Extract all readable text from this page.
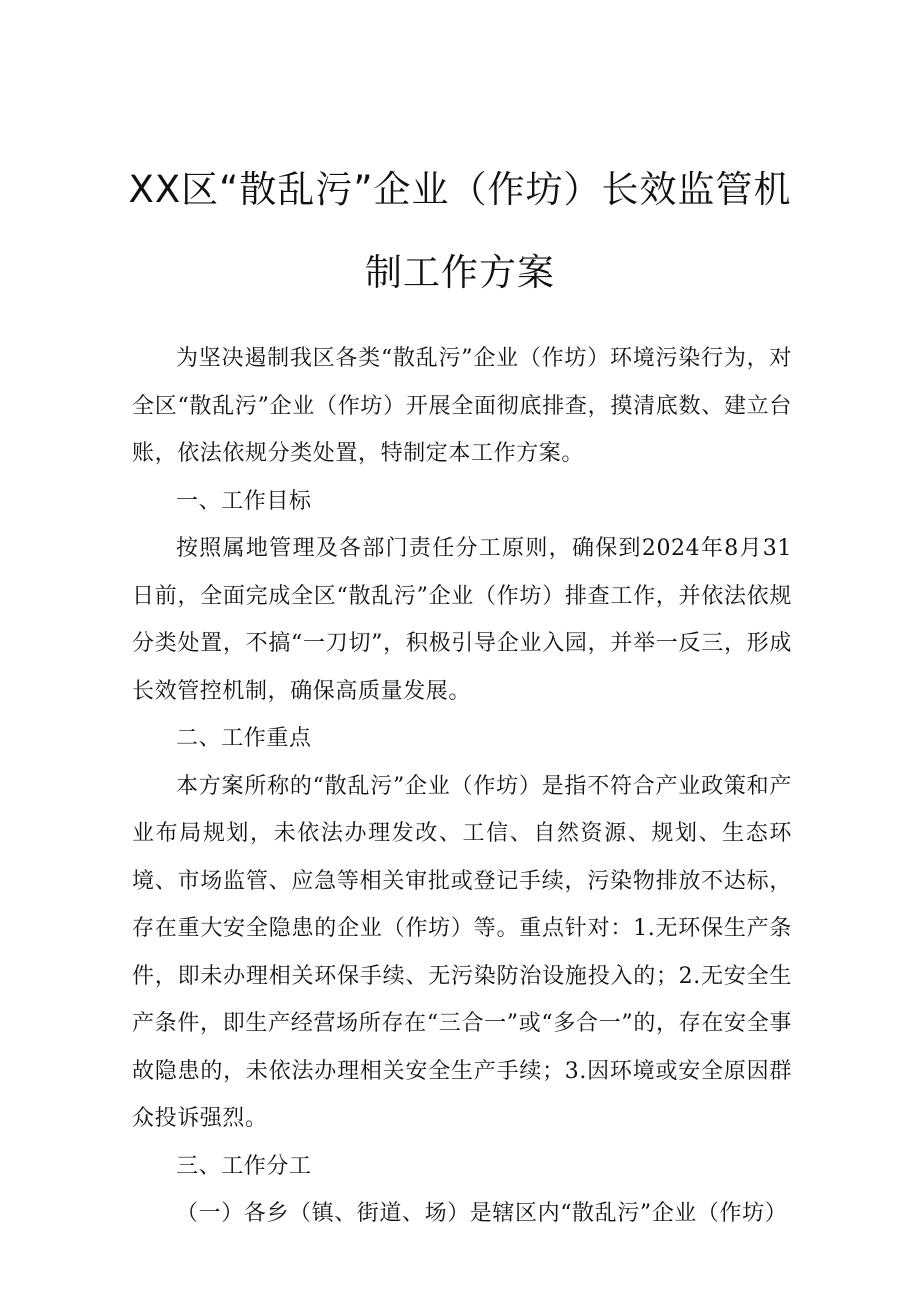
XX区“散乱污”企业（作坊）长效监管机
制工作方案

为坚决遏制我区各类“散乱污”企业（作坊）环境污染行为，对全区“散乱污”企业（作坊）开展全面彻底排查，摸清底数、建立台账，依法依规分类处置，特制定本工作方案。

一、工作目标

按照属地管理及各部门责任分工原则，确保到2024年8月31日前，全面完成全区“散乱污”企业（作坊）排查工作，并依法依规分类处置，不搞“一刀切”，积极引导企业入园，并举一反三，形成长效管控机制，确保高质量发展。

二、工作重点

本方案所称的“散乱污”企业（作坊）是指不符合产业政策和产业布局规划，未依法办理发改、工信、自然资源、规划、生态环境、市场监管、应急等相关审批或登记手续，污染物排放不达标，存在重大安全隐患的企业（作坊）等。重点针对：1.无环保生产条件，即未办理相关环保手续、无污染防治设施投入的；2.无安全生产条件，即生产经营场所存在“三合一”或“多合一”的，存在安全事故隐患的，未依法办理相关安全生产手续；3.因环境或安全原因群众投诉强烈。

三、工作分工

（一）各乡（镇、街道、场）是辖区内“散乱污”企业（作坊）
